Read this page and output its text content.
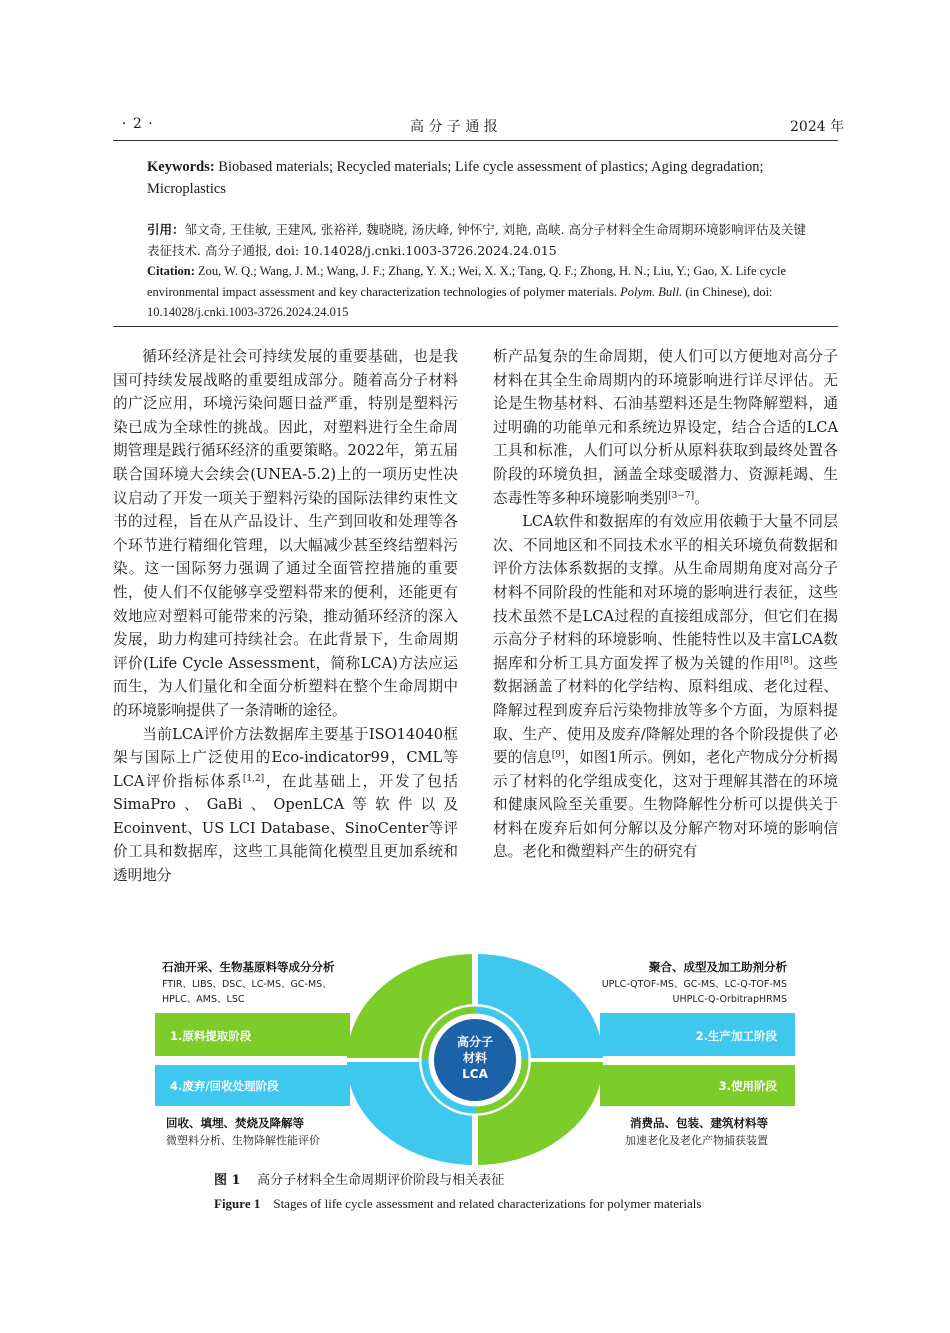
· 2 ·	高 分 子 通 报	2024 年
Keywords: Biobased materials; Recycled materials; Life cycle assessment of plastics; Aging degradation; Microplastics
引用：邹文奇, 王佳敏, 王建风, 张裕祥, 魏晓晓, 汤庆峰, 钟怀宁, 刘艳, 高峡. 高分子材料全生命周期环境影响评估及关键表征技术. 高分子通报, doi: 10.14028/j.cnki.1003-3726.2024.24.015
Citation: Zou, W. Q.; Wang, J. M.; Wang, J. F.; Zhang, Y. X.; Wei, X. X.; Tang, Q. F.; Zhong, H. N.; Liu, Y.; Gao, X. Life cycle environmental impact assessment and key characterization technologies of polymer materials. Polym. Bull. (in Chinese), doi: 10.14028/j.cnki.1003-3726.2024.24.015

循环经济是社会可持续发展的重要基础，也是我国可持续发展战略的重要组成部分。随着高分子材料的广泛应用，环境污染问题日益严重，特别是塑料污染已成为全球性的挑战。因此，对塑料进行全生命周期管理是践行循环经济的重要策略。2022年，第五届联合国环境大会续会(UNEA-5.2)上的一项历史性决议启动了开发一项关于塑料污染的国际法律约束性文书的过程，旨在从产品设计、生产到回收和处理等各个环节进行精细化管理，以大幅减少甚至终结塑料污染。这一国际努力强调了通过全面管控措施的重要性，使人们不仅能够享受塑料带来的便利，还能更有效地应对塑料可能带来的污染，推动循环经济的深入发展，助力构建可持续社会。在此背景下，生命周期评价(Life Cycle Assessment，简称LCA)方法应运而生，为人们量化和全面分析塑料在整个生命周期中的环境影响提供了一条清晰的途径。

当前LCA评价方法数据库主要基于ISO14040框架与国际上广泛使用的Eco-indicator99，CML等LCA评价指标体系[1,2]，在此基础上，开发了包括SimaPro、GaBi、OpenLCA等软件以及Ecoinvent、US LCI Database、SinoCenter等评价工具和数据库，这些工具能简化模型且更加系统和透明地分

析产品复杂的生命周期，使人们可以方便地对高分子材料在其全生命周期内的环境影响进行详尽评估。无论是生物基材料、石油基塑料还是生物降解塑料，通过明确的功能单元和系统边界设定，结合合适的LCA工具和标准，人们可以分析从原料获取到最终处置各阶段的环境负担，涵盖全球变暖潜力、资源耗竭、生态毒性等多种环境影响类别[3−7]。

LCA软件和数据库的有效应用依赖于大量不同层次、不同地区和不同技术水平的相关环境负荷数据和评价方法体系数据的支撑。从生命周期角度对高分子材料不同阶段的性能和对环境的影响进行表征，这些技术虽然不是LCA过程的直接组成部分，但它们在揭示高分子材料的环境影响、性能特性以及丰富LCA数据库和分析工具方面发挥了极为关键的作用[8]。这些数据涵盖了材料的化学结构、原料组成、老化过程、降解过程到废弃后污染物排放等多个方面，为原料提取、生产、使用及废弃/降解处理的各个阶段提供了必要的信息[9]，如图1所示。例如，老化产物成分分析揭示了材料的化学组成变化，这对于理解其潜在的环境和健康风险至关重要。生物降解性分析可以提供关于材料在废弃后如何分解以及分解产物对环境的影响信息。老化和微塑料产生的研究有

高分子
材料
LCA
石油开采、生物基原料等成分分析
FTIR、LIBS、DSC、LC-MS、GC-MS、
HPLC、AMS、LSC
聚合、成型及加工助剂分析
UPLC-QTOF-MS、GC-MS、LC-Q-TOF-MS
UHPLC-Q-OrbitrapHRMS
消费品、包装、建筑材料等
加速老化及老化产物捕获装置
回收、填埋、焚烧及降解等
微塑料分析、生物降解性能评价
1.原料提取阶段	2.生产加工阶段
4.废弃/回收处理阶段	3.使用阶段
图 1 高分子材料全生命周期评价阶段与相关表征
Figure 1 Stages of life cycle assessment and related characterizations for polymer materials
